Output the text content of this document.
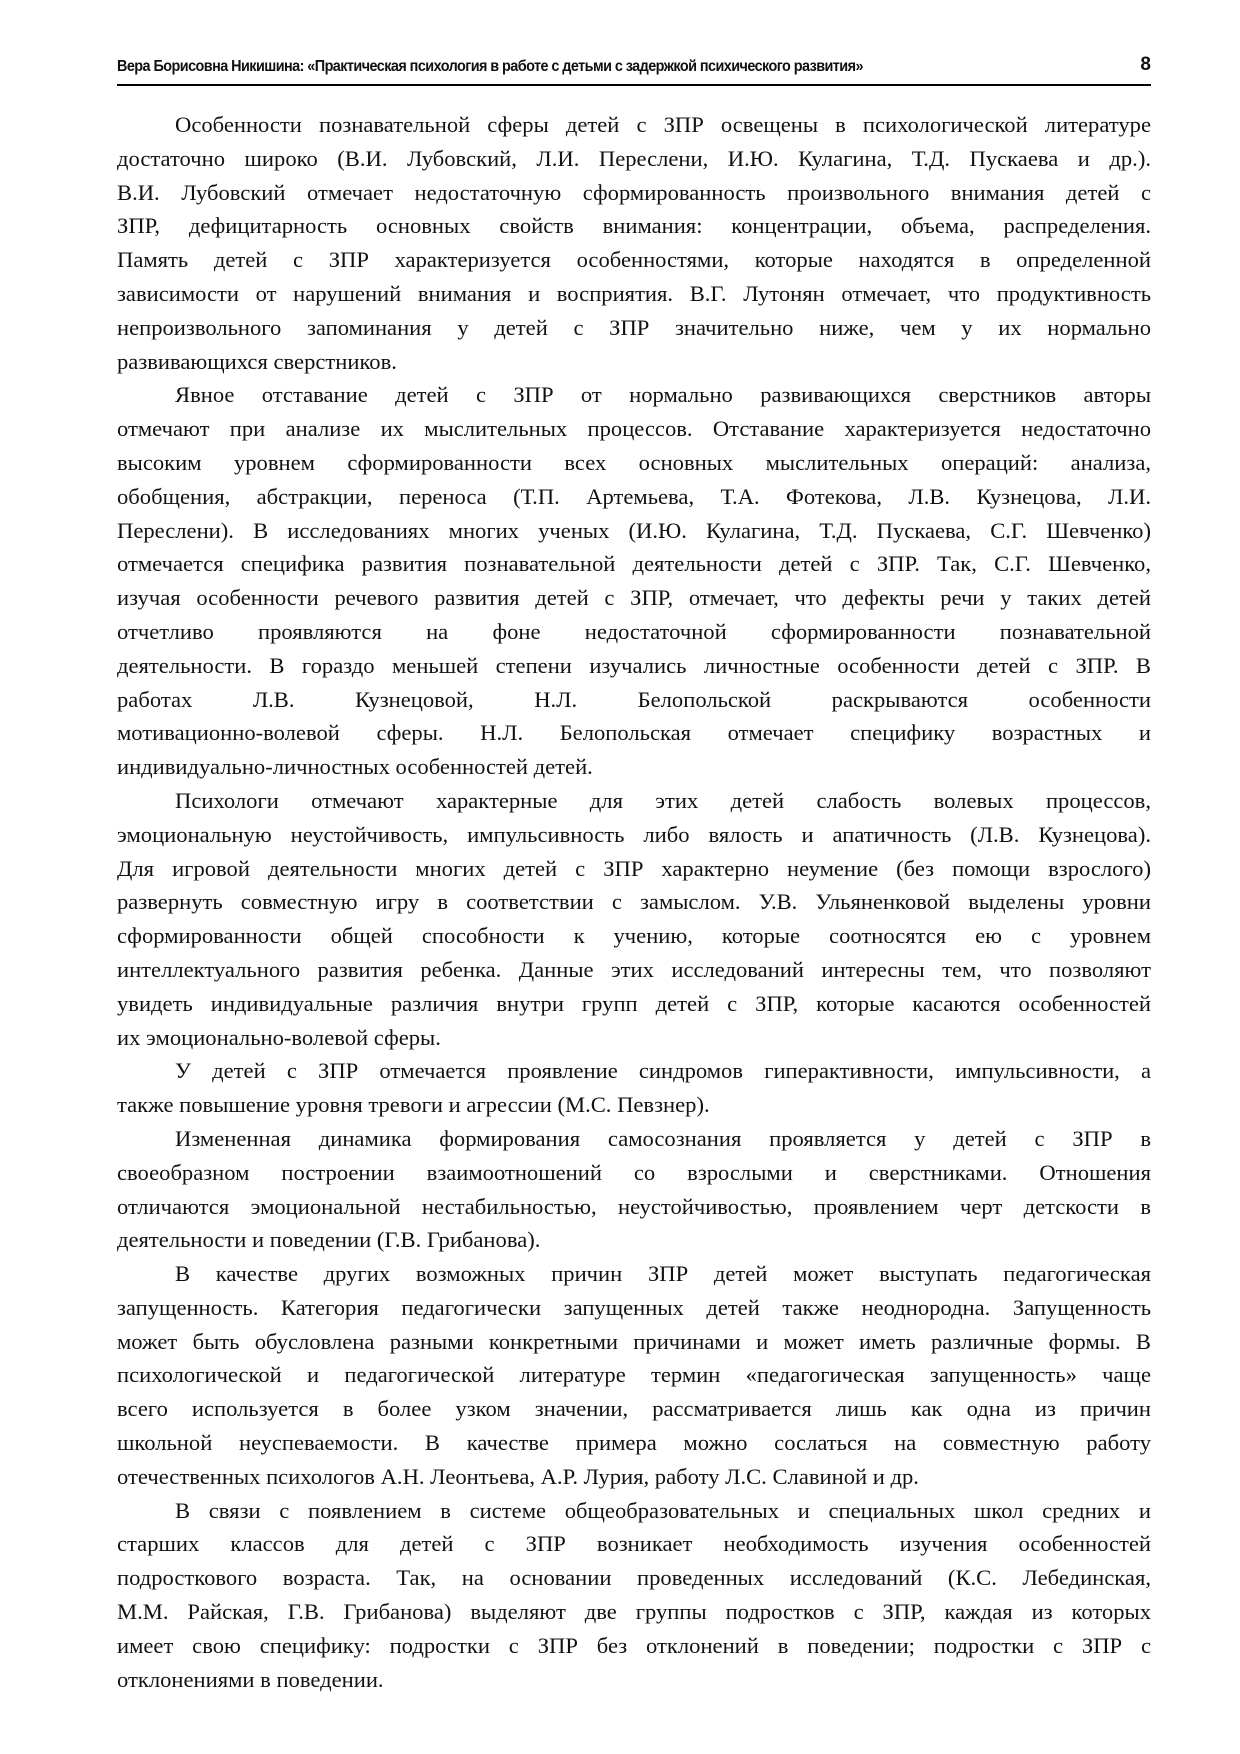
Вера Борисовна Никишина: «Практическая психология в работе с детьми с задержкой психического развития»	8
Особенности познавательной сферы детей с ЗПР освещены в психологической литературе
достаточно широко (В.И. Лубовский, Л.И. Переслени, И.Ю. Кулагина, Т.Д. Пускаева и др.).
В.И. Лубовский отмечает недостаточную сформированность произвольного внимания детей с
ЗПР, дефицитарность основных свойств внимания: концентрации, объема, распределения.
Память детей с ЗПР характеризуется особенностями, которые находятся в определенной
зависимости от нарушений внимания и восприятия. В.Г. Лутонян отмечает, что продуктивность
непроизвольного запоминания у детей с ЗПР значительно ниже, чем у их нормально
развивающихся сверстников.
Явное отставание детей с ЗПР от нормально развивающихся сверстников авторы
отмечают при анализе их мыслительных процессов. Отставание характеризуется недостаточно
высоким уровнем сформированности всех основных мыслительных операций: анализа,
обобщения, абстракции, переноса (Т.П. Артемьева, Т.А. Фотекова, Л.В. Кузнецова, Л.И.
Переслени). В исследованиях многих ученых (И.Ю. Кулагина, Т.Д. Пускаева, С.Г. Шевченко)
отмечается специфика развития познавательной деятельности детей с ЗПР. Так, С.Г. Шевченко,
изучая особенности речевого развития детей с ЗПР, отмечает, что дефекты речи у таких детей
отчетливо проявляются на фоне недостаточной сформированности познавательной
деятельности. В гораздо меньшей степени изучались личностные особенности детей с ЗПР. В
работах Л.В. Кузнецовой, Н.Л. Белопольской раскрываются особенности
мотивационно-волевой сферы. Н.Л. Белопольская отмечает специфику возрастных и
индивидуально-личностных особенностей детей.
Психологи отмечают характерные для этих детей слабость волевых процессов,
эмоциональную неустойчивость, импульсивность либо вялость и апатичность (Л.В. Кузнецова).
Для игровой деятельности многих детей с ЗПР характерно неумение (без помощи взрослого)
развернуть совместную игру в соответствии с замыслом. У.В. Ульяненковой выделены уровни
сформированности общей способности к учению, которые соотносятся ею с уровнем
интеллектуального развития ребенка. Данные этих исследований интересны тем, что позволяют
увидеть индивидуальные различия внутри групп детей с ЗПР, которые касаются особенностей
их эмоционально-волевой сферы.
У детей с ЗПР отмечается проявление синдромов гиперактивности, импульсивности, а
также повышение уровня тревоги и агрессии (М.С. Певзнер).
Измененная динамика формирования самосознания проявляется у детей с ЗПР в
своеобразном построении взаимоотношений со взрослыми и сверстниками. Отношения
отличаются эмоциональной нестабильностью, неустойчивостью, проявлением черт детскости в
деятельности и поведении (Г.В. Грибанова).
В качестве других возможных причин ЗПР детей может выступать педагогическая
запущенность. Категория педагогически запущенных детей также неоднородна. Запущенность
может быть обусловлена разными конкретными причинами и может иметь различные формы. В
психологической и педагогической литературе термин «педагогическая запущенность» чаще
всего используется в более узком значении, рассматривается лишь как одна из причин
школьной неуспеваемости. В качестве примера можно сослаться на совместную работу
отечественных психологов А.Н. Леонтьева, А.Р. Лурия, работу Л.С. Славиной и др.
В связи с появлением в системе общеобразовательных и специальных школ средних и
старших классов для детей с ЗПР возникает необходимость изучения особенностей
подросткового возраста. Так, на основании проведенных исследований (К.С. Лебединская,
М.М. Райская, Г.В. Грибанова) выделяют две группы подростков с ЗПР, каждая из которых
имеет свою специфику: подростки с ЗПР без отклонений в поведении; подростки с ЗПР с
отклонениями в поведении.
